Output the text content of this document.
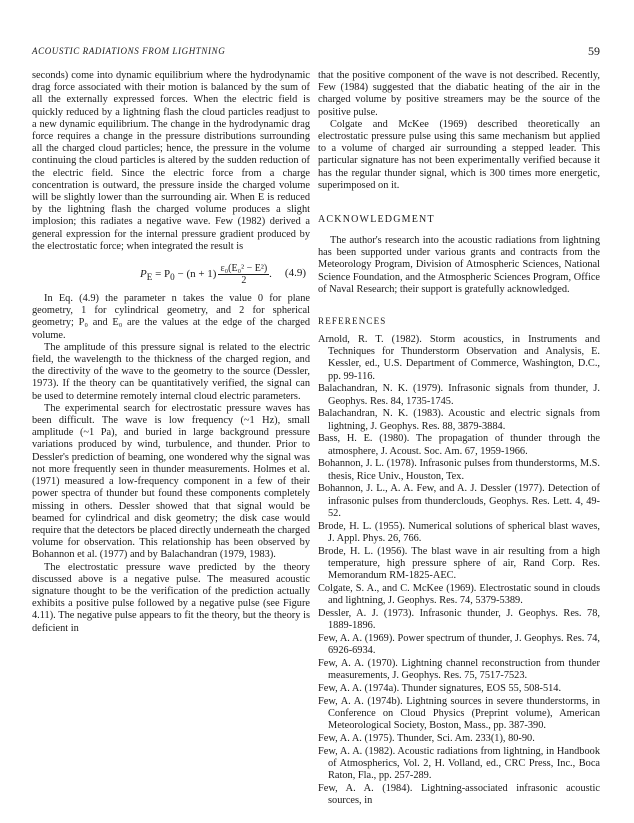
ACOUSTIC RADIATIONS FROM LIGHTNING	59

seconds) come into dynamic equilibrium where the hydrodynamic drag force associated with their motion is balanced by the sum of all the externally expressed forces. When the electric field is quickly reduced by a lightning flash the cloud particles readjust to a new dynamic equilibrium. The change in the hydrodynamic drag force requires a change in the pressure distributions surrounding all the charged cloud particles; hence, the pressure in the volume continuing the cloud particles is altered by the sudden reduction of the electric field. Since the electric force from a charge concentration is outward, the pressure inside the charged volume will be slightly lower than the surrounding air. When E is reduced by the lightning flash the charged volume produces a slight implosion; this radiates a negative wave. Few (1982) derived a general expression for the internal pressure gradient produced by the electrostatic force; when integrated the result is

$P_E = P_0 - (n + 1) \frac{\text{ε₀(E₀² − E²)}}{2}$ . (4.9)

In Eq. (4.9) the parameter n takes the value 0 for plane geometry, 1 for cylindrical geometry, and 2 for spherical geometry; P₀ and E₀ are the values at the edge of the charged volume.

The amplitude of this pressure signal is related to the electric field, the wavelength to the thickness of the charged region, and the directivity of the wave to the geometry to the source (Dessler, 1973). If the theory can be quantitatively verified, the signal can be used to determine remotely internal cloud electric parameters.

The experimental search for electrostatic pressure waves has been difficult. The wave is low frequency (~1 Hz), small amplitude (~1 Pa), and buried in large background pressure variations produced by wind, turbulence, and thunder. Prior to Dessler's prediction of beaming, one wondered why the signal was not more frequently seen in thunder measurements. Holmes et al. (1971) measured a low-frequency component in a few of their power spectra of thunder but found these components completely missing in others. Dessler showed that that signal would be beamed for cylindrical and disk geometry; the disk case would require that the detectors be placed directly underneath the charged volume for observation. This relationship has been observed by Bohannon et al. (1977) and by Balachandran (1979, 1983).

The electrostatic pressure wave predicted by the theory discussed above is a negative pulse. The measured acoustic signature thought to be the verification of the prediction actually exhibits a positive pulse followed by a negative pulse (see Figure 4.11). The negative pulse appears to fit the theory, but the theory is deficient in

that the positive component of the wave is not described. Recently, Few (1984) suggested that the diabatic heating of the air in the charged volume by positive streamers may be the source of the positive pulse.

Colgate and McKee (1969) described theoretically an electrostatic pressure pulse using this same mechanism but applied to a volume of charged air surrounding a stepped leader. This particular signature has not been experimentally verified because it has the regular thunder signal, which is 300 times more energetic, superimposed on it.

ACKNOWLEDGMENT

The author's research into the acoustic radiations from lightning has been supported under various grants and contracts from the Meteorology Program, Division of Atmospheric Sciences, National Science Foundation, and the Atmospheric Sciences Program, Office of Naval Research; their support is gratefully acknowledged.

REFERENCES

Arnold, R. T. (1982). Storm acoustics, in Instruments and Techniques for Thunderstorm Observation and Analysis, E. Kessler, ed., U.S. Department of Commerce, Washington, D.C., pp. 99-116.

Balachandran, N. K. (1979). Infrasonic signals from thunder, J. Geophys. Res. 84, 1735-1745.

Balachandran, N. K. (1983). Acoustic and electric signals from lightning, J. Geophys. Res. 88, 3879-3884.

Bass, H. E. (1980). The propagation of thunder through the atmosphere, J. Acoust. Soc. Am. 67, 1959-1966.

Bohannon, J. L. (1978). Infrasonic pulses from thunderstorms, M.S. thesis, Rice Univ., Houston, Tex.

Bohannon, J. L., A. A. Few, and A. J. Dessler (1977). Detection of infrasonic pulses from thunderclouds, Geophys. Res. Lett. 4, 49-52.

Brode, H. L. (1955). Numerical solutions of spherical blast waves, J. Appl. Phys. 26, 766.

Brode, H. L. (1956). The blast wave in air resulting from a high temperature, high pressure sphere of air, Rand Corp. Res. Memorandum RM-1825-AEC.

Colgate, S. A., and C. McKee (1969). Electrostatic sound in clouds and lightning, J. Geophys. Res. 74, 5379-5389.

Dessler, A. J. (1973). Infrasonic thunder, J. Geophys. Res. 78, 1889-1896.

Few, A. A. (1969). Power spectrum of thunder, J. Geophys. Res. 74, 6926-6934.

Few, A. A. (1970). Lightning channel reconstruction from thunder measurements, J. Geophys. Res. 75, 7517-7523.

Few, A. A. (1974a). Thunder signatures, EOS 55, 508-514.

Few, A. A. (1974b). Lightning sources in severe thunderstorms, in Conference on Cloud Physics (Preprint volume), American Meteorological Society, Boston, Mass., pp. 387-390.

Few, A. A. (1975). Thunder, Sci. Am. 233(1), 80-90.

Few, A. A. (1982). Acoustic radiations from lightning, in Handbook of Atmospherics, Vol. 2, H. Volland, ed., CRC Press, Inc., Boca Raton, Fla., pp. 257-289.

Few, A. A. (1984). Lightning-associated infrasonic acoustic sources, in
